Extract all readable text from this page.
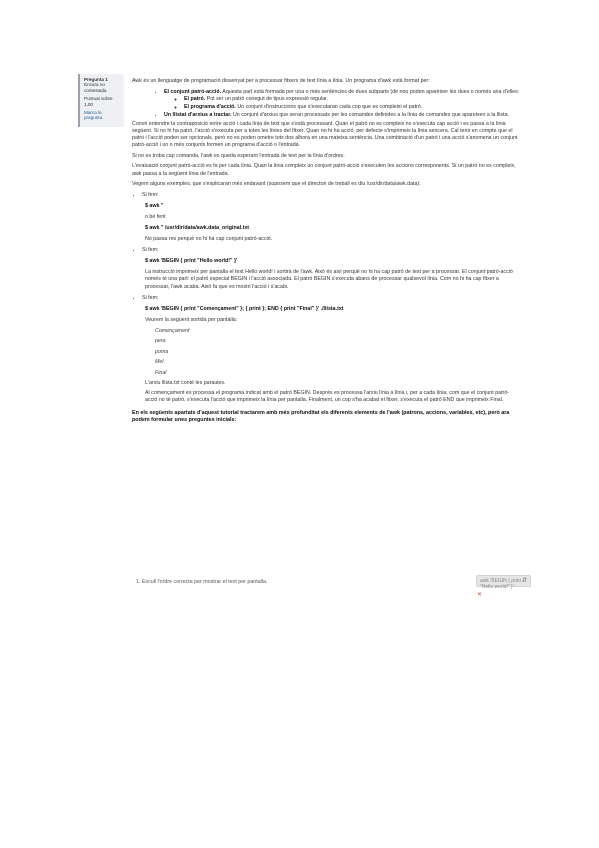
Pregunta 1
Encara no
contestada
Puntuat sobre 1,00
Marca la
pregunta

Awk és un llenguatge de programació dissenyat per a processar fitxers de text línia a línia. Un programa d'awk està format per:

• El conjunt patró-acció. Aquesta part està formada per una o més sentències de dues subparts (de nou poden aparèixer les dues o només una d'elles:
◦ El patró. Pot ser un patró conegut de tipus expressió regular.
◦ El programa d'acció. Un conjunt d'instruccions que s'executaran cada cop que es compleixi el patró.
• Un llistat d'arxius a tractar. Un conjunt d'arxius que seran processats per les comandes definides a la línia de comandes que apareixen a la llista.

Convé entendre la contraposició entre acció i cada línia de text que s'està processant. Quan el patró no es compleix no s'executa cap acció i es passa a la línia següent. Si no hi ha patró, l'acció s'executa per a totes les línies del fitxer. Quan no hi ha acció, per defecte s'imprimeix la línia sencera. Cal tenir en compte que el patró i l'acció poden ser opcionals, però no es poden ometre tots dos alhora en una mateixa sentència. Una combinació d'un patró i una acció s'anomena un conjunt patró-acció i un o més conjunts formen un programa d'acció o l'entrada.

Si no es troba cap comanda, l'awk es queda esperant l'entrada de text per la línia d'ordres.

L'evaluació conjunt patró-acció es fa per cada línia. Quan la línia compleix un conjunt patró-acció s'executen les accions corresponents. Si un patró no es compleix, awk passa a la següent línia de l'entrada.

Vegem alguns exemples, que s'explicaran més endavant (suposem que el directori de treball es diu /usr/dir/data/awk.data):

• Si fem:
$ awk ''
o bé fent
$ awk '' /usr/dir/data/awk.data_original.txt
No passa res perquè no hi ha cap conjunt patró-acció.
• Si fem:
$ awk 'BEGIN { print "Hello world!" }'
La instrucció imprimeix per pantalla el text Hello world! i sortirà de l'awk. Això és així perquè no hi ha cap patró de text per a processar. El conjunt patró-acció només té una part: el patró especial BEGIN i l'acció associada. El patró BEGIN s'executa abans de processar qualsevol línia. Com no hi ha cap fitxer a processar, l'awk acaba. Això fa que es mostri l'acció i s'acabi.
• Si fem:
$ awk 'BEGIN { print "Començament" }; { print }; END { print "Final" }' ./llista.txt
Veurem la següent sortida per pantalla:
Començament
pera
poma
Mel
Final
L'arxiu llista.txt conté les paraules.
Al començament es processa el programa indicat amb el patró BEGIN. Després es processa l'arxiu línia a línia i, per a cada línia, com que el conjunt patró-acció no té patró, s'executa l'acció que imprimeix la línia per pantalla. Finalment, un cop s'ha acabat el fitxer, s'executa el patró END que imprimeix Final.

En els següents apartats d'aquest tutorial tractarem amb més profunditat els diferents elements de l'awk (patrons, accions, variables, etc), però ara podem formular unes preguntes inicials:

1. Escull l'ordre correcta per mostrar el text per pantalla.	awk 'BEGIN { print "Hello world!" }'
⇵
✕
